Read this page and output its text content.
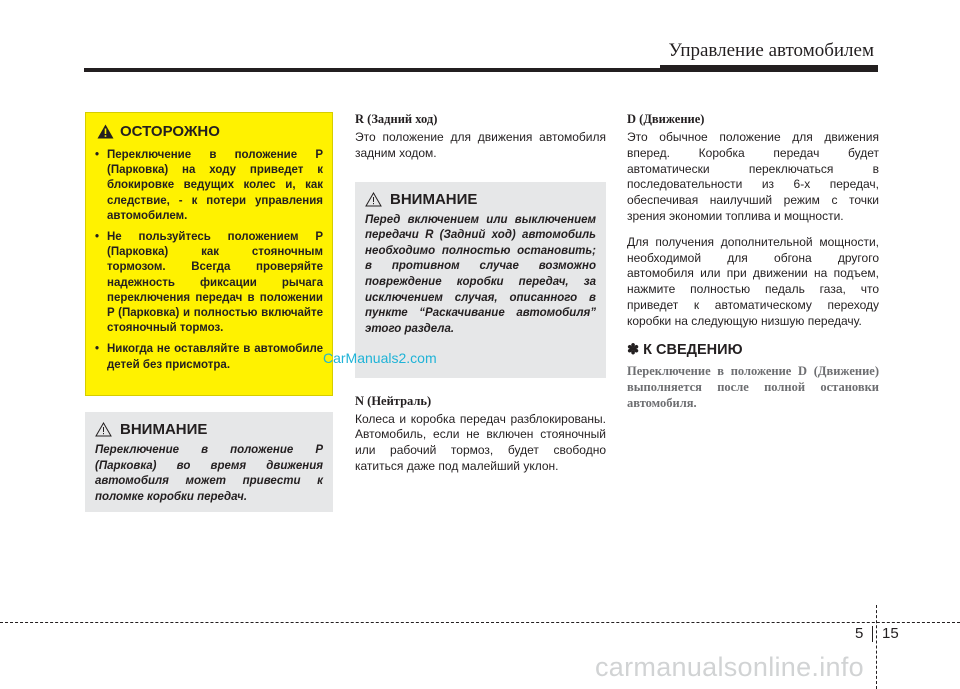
Управление автомобилем
ОСТОРОЖНО
• Переключение в положение P (Парковка) на ходу приведет к блокировке ведущих колес и, как следствие, - к потери управления автомобилем.
• Не пользуйтесь положением P (Парковка) как стояночным тормозом. Всегда проверяйте надежность фиксации рычага переключения передач в положении P (Парковка) и полностью включайте стояночный тормоз.
• Никогда не оставляйте в автомобиле детей без присмотра.
ВНИМАНИЕ
Переключение в положение P (Парковка) во время движения автомобиля может привести к поломке коробки передач.
R (Задний ход)

Это положение для движения автомобиля задним ходом.

ВНИМАНИЕ
Перед включением или выключением передачи R (Задний ход) автомобиль необходимо полностью остановить; в противном случае возможно повреждение коробки передач, за исключением случая, описанного в пункте “Раскачивание автомобиля” этого раздела.
N (Нейтраль)

Колеса и коробка передач разблокированы. Автомобиль, если не включен стояночный или рабочий тормоз, будет свободно катиться даже под малейший уклон.

D (Движение)

Это обычное положение для движения вперед. Коробка передач будет автоматически переключаться в последовательности из 6-х передач, обеспечивая наилучший режим с точки зрения экономии топлива и мощности.

Для получения дополнительной мощности, необходимой для обгона другого автомобиля или при движении на подъем, нажмите полностью педаль газа, что приведет к автоматическому переходу коробки на следующую низшую передачу.

✽ К СВЕДЕНИЮ

Переключение в положение D (Движение) выполняется после полной остановки автомобиля.

CarManuals2.com
5 15
carmanualsonline.info
